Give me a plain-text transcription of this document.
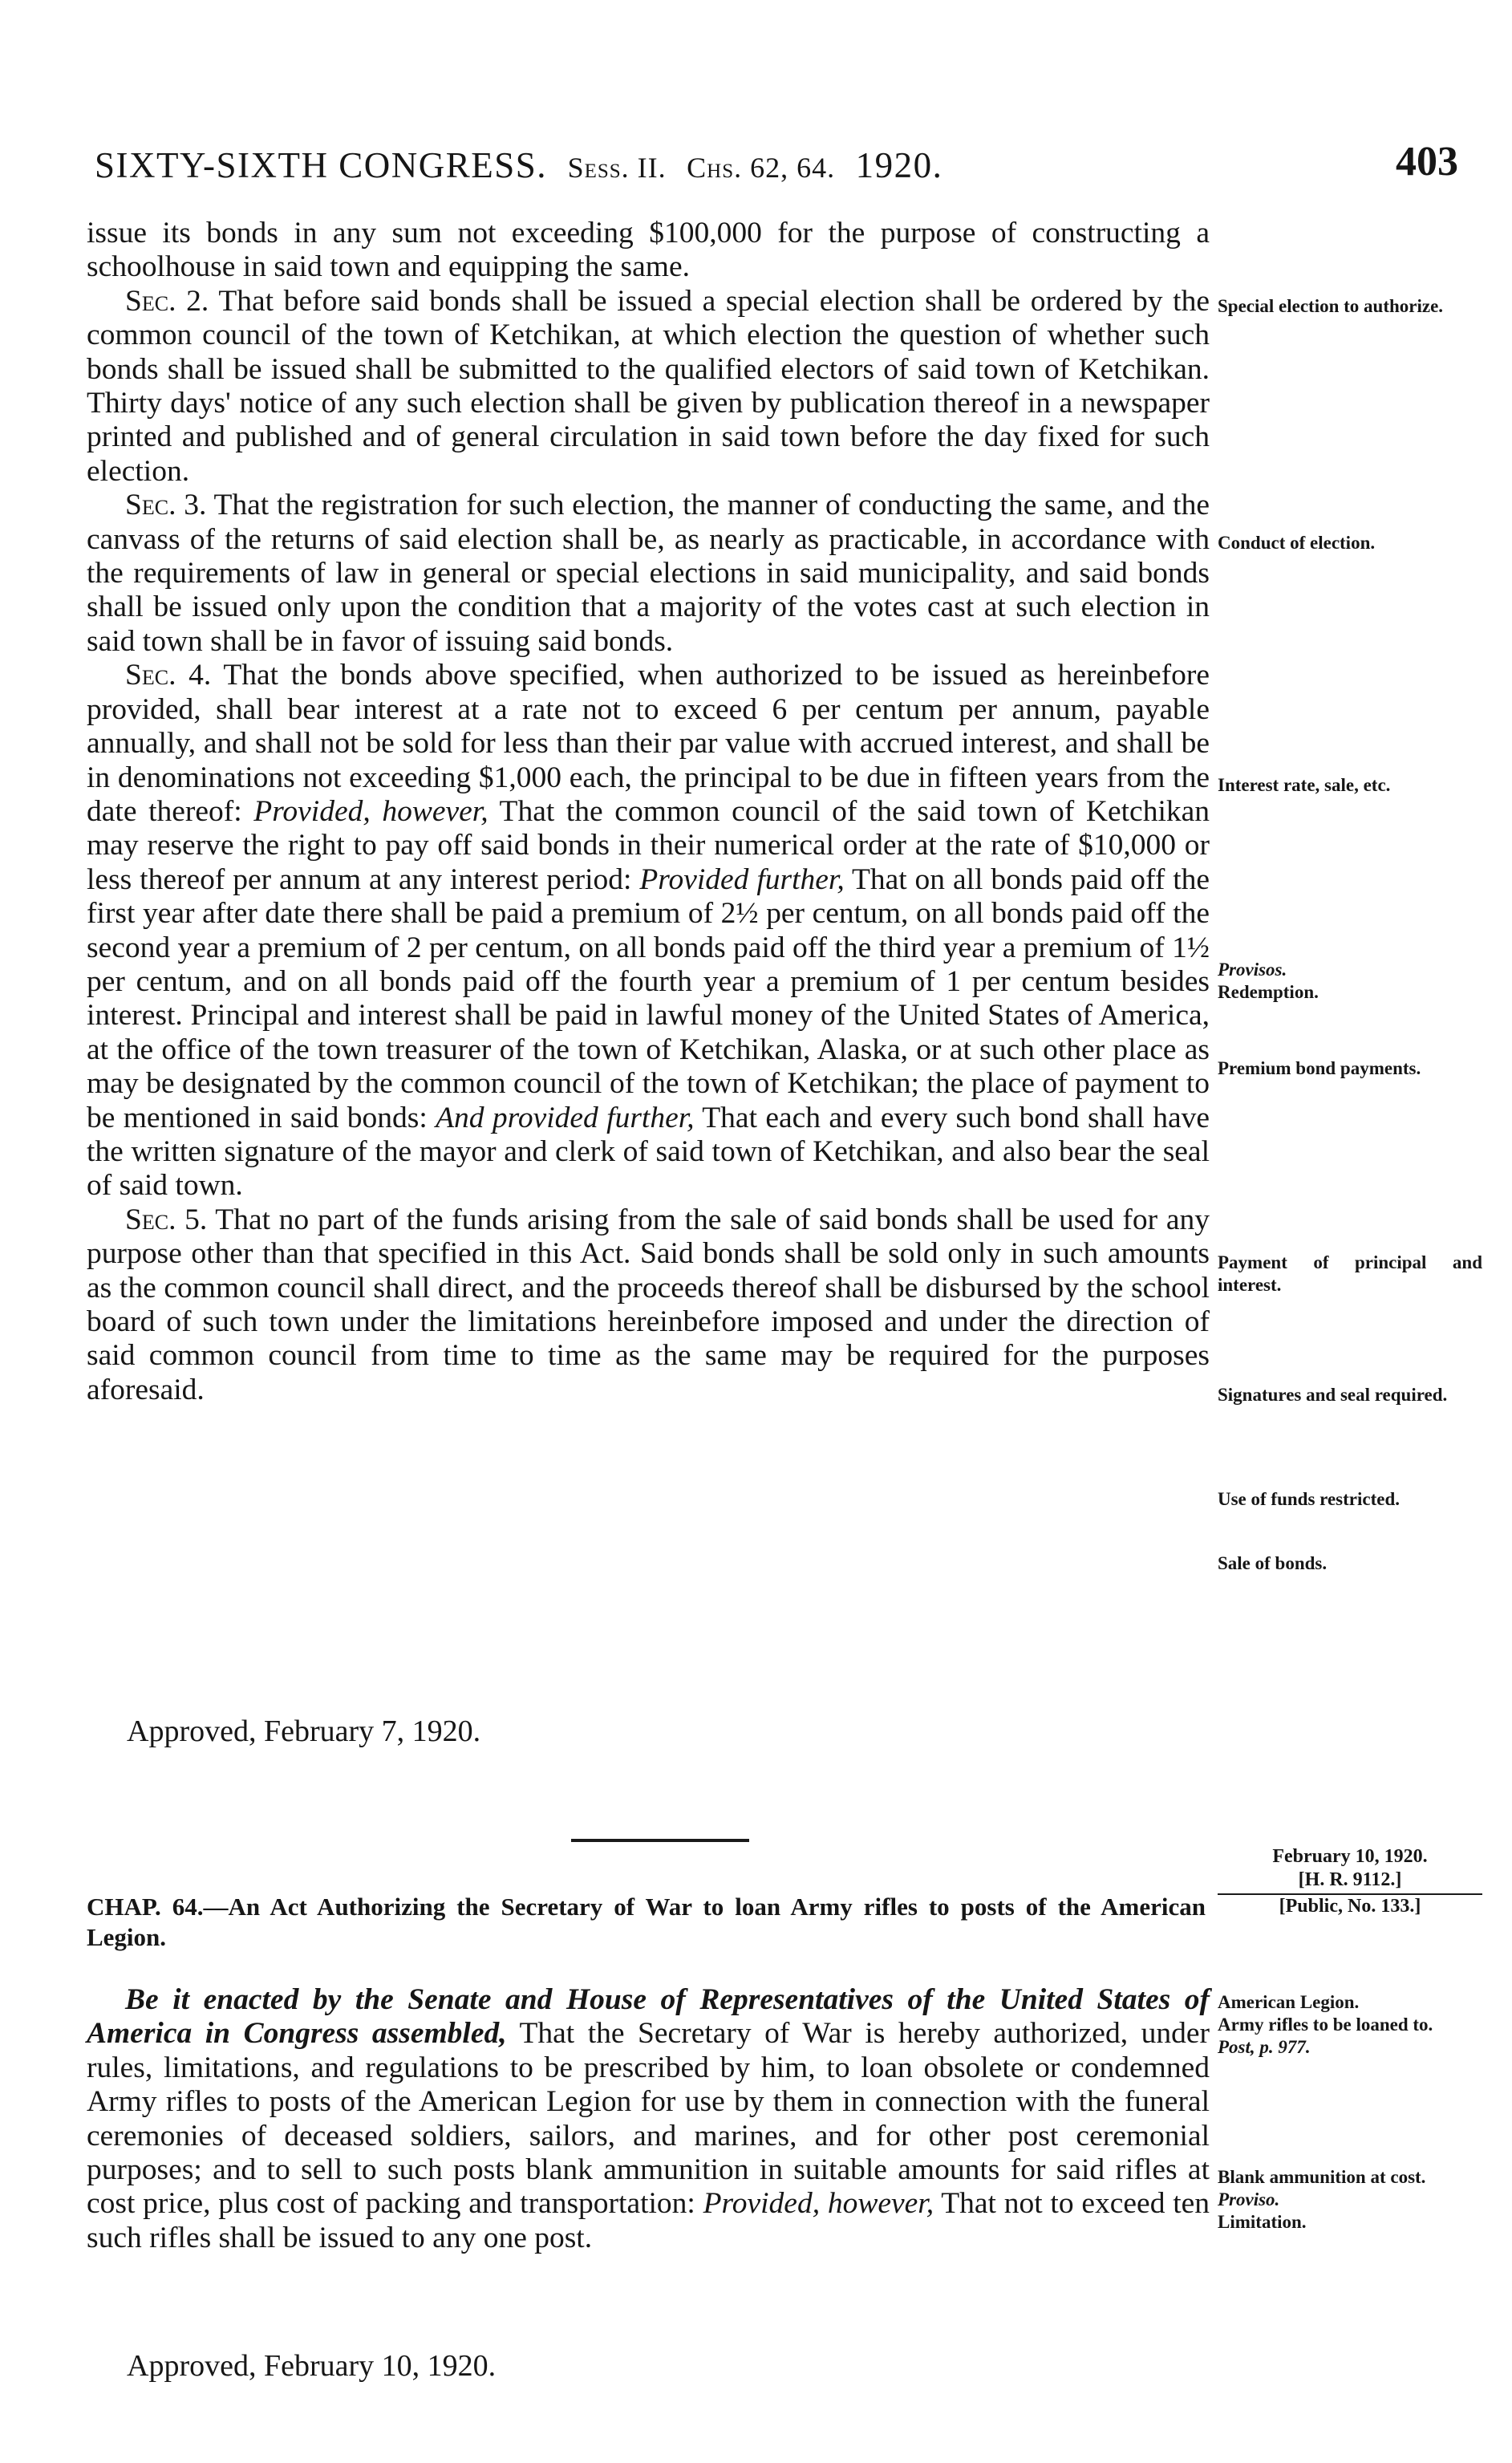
SIXTY-SIXTH CONGRESS. Sess. II. Chs. 62, 64. 1920.	403

issue its bonds in any sum not exceeding $100,000 for the purpose of constructing a schoolhouse in said town and equipping the same.

Sec. 2. That before said bonds shall be issued a special election shall be ordered by the common council of the town of Ketchikan, at which election the question of whether such bonds shall be issued shall be submitted to the qualified electors of said town of Ketchikan. Thirty days' notice of any such election shall be given by publication thereof in a newspaper printed and published and of general circulation in said town before the day fixed for such election.

Sec. 3. That the registration for such election, the manner of conducting the same, and the canvass of the returns of said election shall be, as nearly as practicable, in accordance with the requirements of law in general or special elections in said municipality, and said bonds shall be issued only upon the condition that a majority of the votes cast at such election in said town shall be in favor of issuing said bonds.

Sec. 4. That the bonds above specified, when authorized to be issued as hereinbefore provided, shall bear interest at a rate not to exceed 6 per centum per annum, payable annually, and shall not be sold for less than their par value with accrued interest, and shall be in denominations not exceeding $1,000 each, the principal to be due in fifteen years from the date thereof: Provided, however, That the common council of the said town of Ketchikan may reserve the right to pay off said bonds in their numerical order at the rate of $10,000 or less thereof per annum at any interest period: Provided further, That on all bonds paid off the first year after date there shall be paid a premium of 2½ per centum, on all bonds paid off the second year a premium of 2 per centum, on all bonds paid off the third year a premium of 1½ per centum, and on all bonds paid off the fourth year a premium of 1 per centum besides interest. Principal and interest shall be paid in lawful money of the United States of America, at the office of the town treasurer of the town of Ketchikan, Alaska, or at such other place as may be designated by the common council of the town of Ketchikan; the place of payment to be mentioned in said bonds: And provided further, That each and every such bond shall have the written signature of the mayor and clerk of said town of Ketchikan, and also bear the seal of said town.

Sec. 5. That no part of the funds arising from the sale of said bonds shall be used for any purpose other than that specified in this Act. Said bonds shall be sold only in such amounts as the common council shall direct, and the proceeds thereof shall be disbursed by the school board of such town under the limitations hereinbefore imposed and under the direction of said common council from time to time as the same may be required for the purposes aforesaid.

Approved, February 7, 1920.
Special election to authorize.
Conduct of election.
Interest rate, sale, etc.
Provisos.
Redemption.
Premium bond payments.
Payment of principal and interest.
Signatures and seal required.
Use of funds restricted.
Sale of bonds.
CHAP. 64.—An Act Authorizing the Secretary of War to loan Army rifles to posts of the American Legion.
February 10, 1920.
[H. R. 9112.]
[Public, No. 133.]

Be it enacted by the Senate and House of Representatives of the United States of America in Congress assembled, That the Secretary of War is hereby authorized, under rules, limitations, and regulations to be prescribed by him, to loan obsolete or condemned Army rifles to posts of the American Legion for use by them in connection with the funeral ceremonies of deceased soldiers, sailors, and marines, and for other post ceremonial purposes; and to sell to such posts blank ammunition in suitable amounts for said rifles at cost price, plus cost of packing and transportation: Provided, however, That not to exceed ten such rifles shall be issued to any one post.

Approved, February 10, 1920.
American Legion.
Army rifles to be loaned to.
Post, p. 977.
Blank ammunition at cost.
Proviso.
Limitation.
